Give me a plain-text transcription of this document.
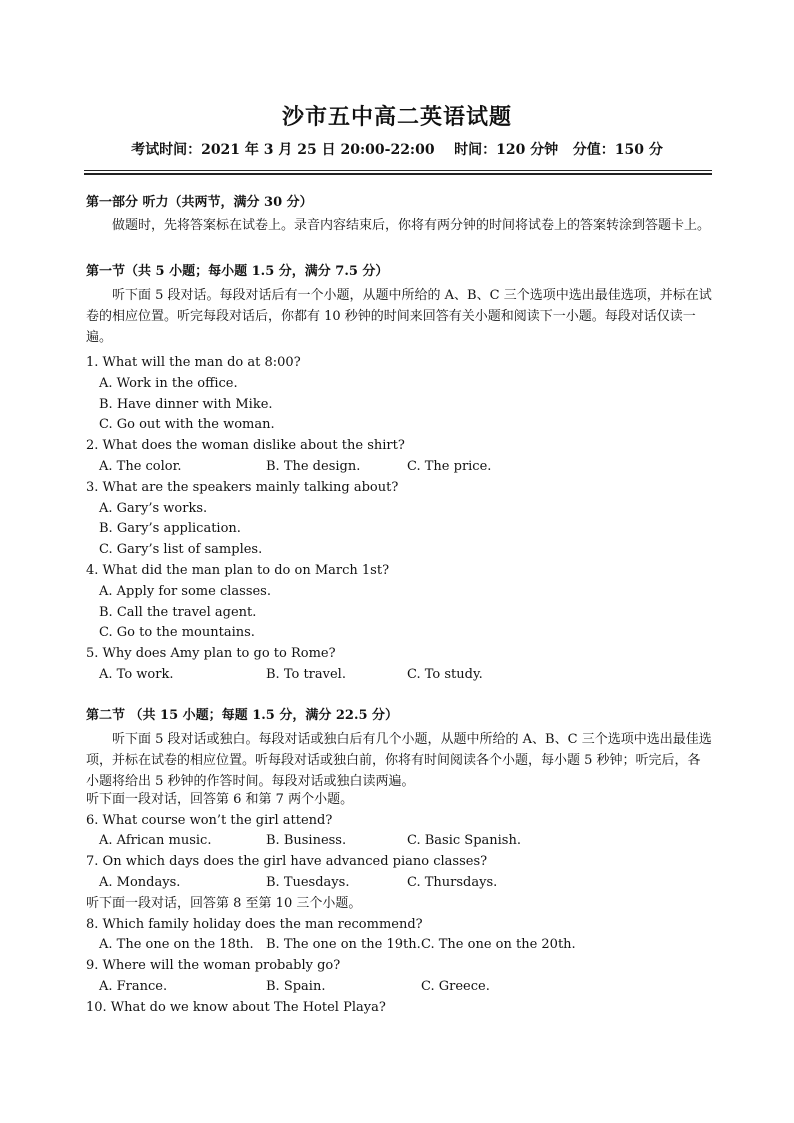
沙市五中高二英语试题
考试时间：2021 年 3 月 25 日 20:00-22:00    时间：120 分钟   分值：150 分
第一部分 听力（共两节，满分 30 分）
做题时，先将答案标在试卷上。录音内容结束后，你将有两分钟的时间将试卷上的答案转涂到答题卡上。
第一节（共 5 小题；每小题 1.5 分，满分 7.5 分）
听下面 5 段对话。每段对话后有一个小题，从题中所给的 A、B、C 三个选项中选出最佳选项，并标在试卷的相应位置。听完每段对话后，你都有 10 秒钟的时间来回答有关小题和阅读下一小题。每段对话仅读一遍。
1. What will the man do at 8:00?
A. Work in the office.
B. Have dinner with Mike.
C. Go out with the woman.
2. What does the woman dislike about the shirt?
A. The color.	B. The design.	C. The price.
3. What are the speakers mainly talking about?
A. Gary’s works.
B. Gary’s application.
C. Gary’s list of samples.
4. What did the man plan to do on March 1st?
A. Apply for some classes.
B. Call the travel agent.
C. Go to the mountains.
5. Why does Amy plan to go to Rome?
A. To work.	B. To travel.	C. To study.
第二节 （共 15 小题；每题 1.5 分，满分 22.5 分）
听下面 5 段对话或独白。每段对话或独白后有几个小题，从题中所给的 A、B、C 三个选项中选出最佳选项，并标在试卷的相应位置。听每段对话或独白前，你将有时间阅读各个小题，每小题 5 秒钟；听完后，各小题将给出 5 秒钟的作答时间。每段对话或独白读两遍。
听下面一段对话，回答第 6 和第 7 两个小题。
6. What course won’t the girl attend?
A. African music.	B. Business.	C. Basic Spanish.
7. On which days does the girl have advanced piano classes?
A. Mondays.	B. Tuesdays.	C. Thursdays.
听下面一段对话，回答第 8 至第 10 三个小题。
8. Which family holiday does the man recommend?
A. The one on the 18th. B. The one on the 19th. C. The one on the 20th.
9. Where will the woman probably go?
A. France.	B. Spain.	C. Greece.
10. What do we know about The Hotel Playa?
